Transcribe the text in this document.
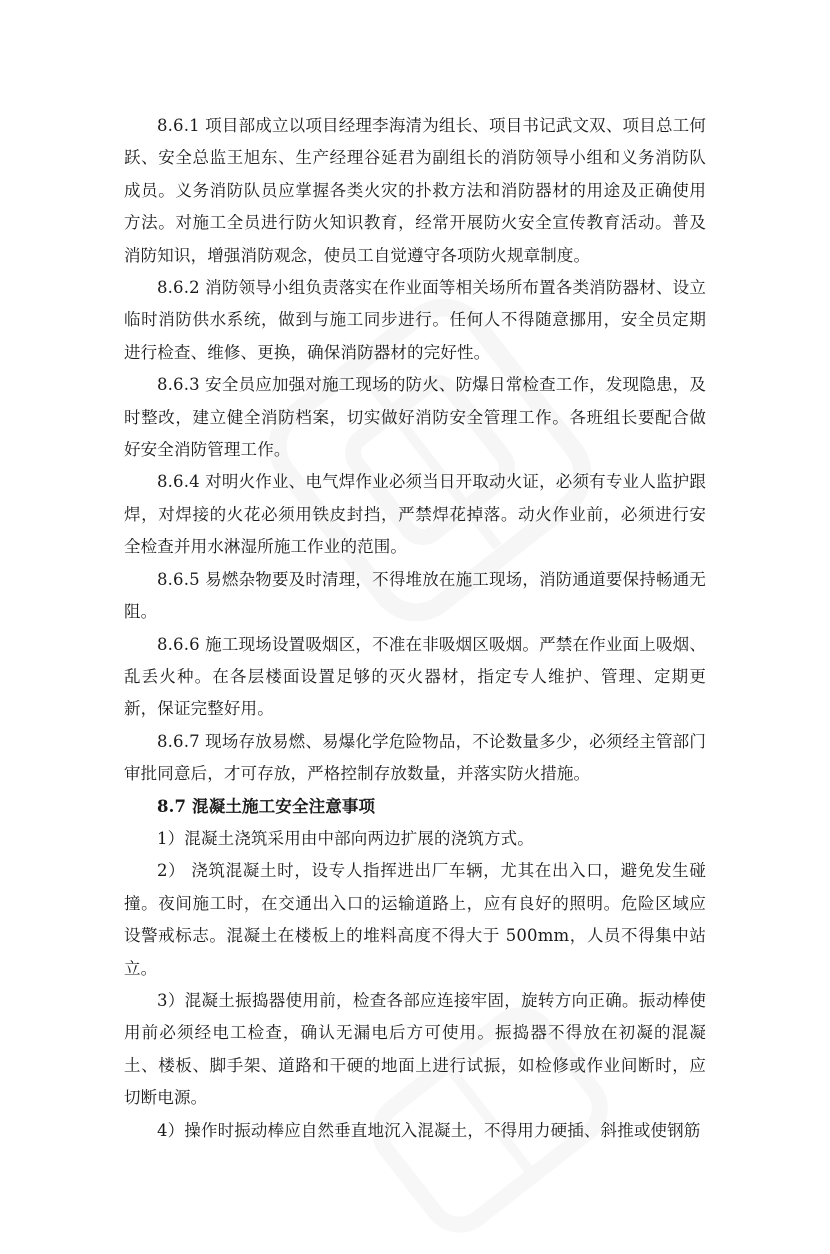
8.6.1 项目部成立以项目经理李海清为组长、项目书记武文双、项目总工何跃、安全总监王旭东、生产经理谷延君为副组长的消防领导小组和义务消防队成员。义务消防队员应掌握各类火灾的扑救方法和消防器材的用途及正确使用方法。对施工全员进行防火知识教育，经常开展防火安全宣传教育活动。普及消防知识，增强消防观念，使员工自觉遵守各项防火规章制度。

8.6.2 消防领导小组负责落实在作业面等相关场所布置各类消防器材、设立临时消防供水系统，做到与施工同步进行。任何人不得随意挪用，安全员定期进行检查、维修、更换，确保消防器材的完好性。

8.6.3 安全员应加强对施工现场的防火、防爆日常检查工作，发现隐患，及时整改，建立健全消防档案，切实做好消防安全管理工作。各班组长要配合做好安全消防管理工作。

8.6.4 对明火作业、电气焊作业必须当日开取动火证，必须有专业人监护跟焊，对焊接的火花必须用铁皮封挡，严禁焊花掉落。动火作业前，必须进行安全检查并用水淋湿所施工作业的范围。

8.6.5 易燃杂物要及时清理，不得堆放在施工现场，消防通道要保持畅通无阻。

8.6.6 施工现场设置吸烟区，不准在非吸烟区吸烟。严禁在作业面上吸烟、乱丢火种。在各层楼面设置足够的灭火器材，指定专人维护、管理、定期更新，保证完整好用。

8.6.7 现场存放易燃、易爆化学危险物品，不论数量多少，必须经主管部门审批同意后，才可存放，严格控制存放数量，并落实防火措施。

8.7 混凝土施工安全注意事项

1）混凝土浇筑采用由中部向两边扩展的浇筑方式。

2） 浇筑混凝土时，设专人指挥进出厂车辆，尤其在出入口，避免发生碰撞。夜间施工时，在交通出入口的运输道路上，应有良好的照明。危险区域应设警戒标志。混凝土在楼板上的堆料高度不得大于 500mm，人员不得集中站立。

3）混凝土振捣器使用前，检查各部应连接牢固，旋转方向正确。振动棒使用前必须经电工检查，确认无漏电后方可使用。振捣器不得放在初凝的混凝土、楼板、脚手架、道路和干硬的地面上进行试振，如检修或作业间断时，应切断电源。

4）操作时振动棒应自然垂直地沉入混凝土，不得用力硬插、斜推或使钢筋
